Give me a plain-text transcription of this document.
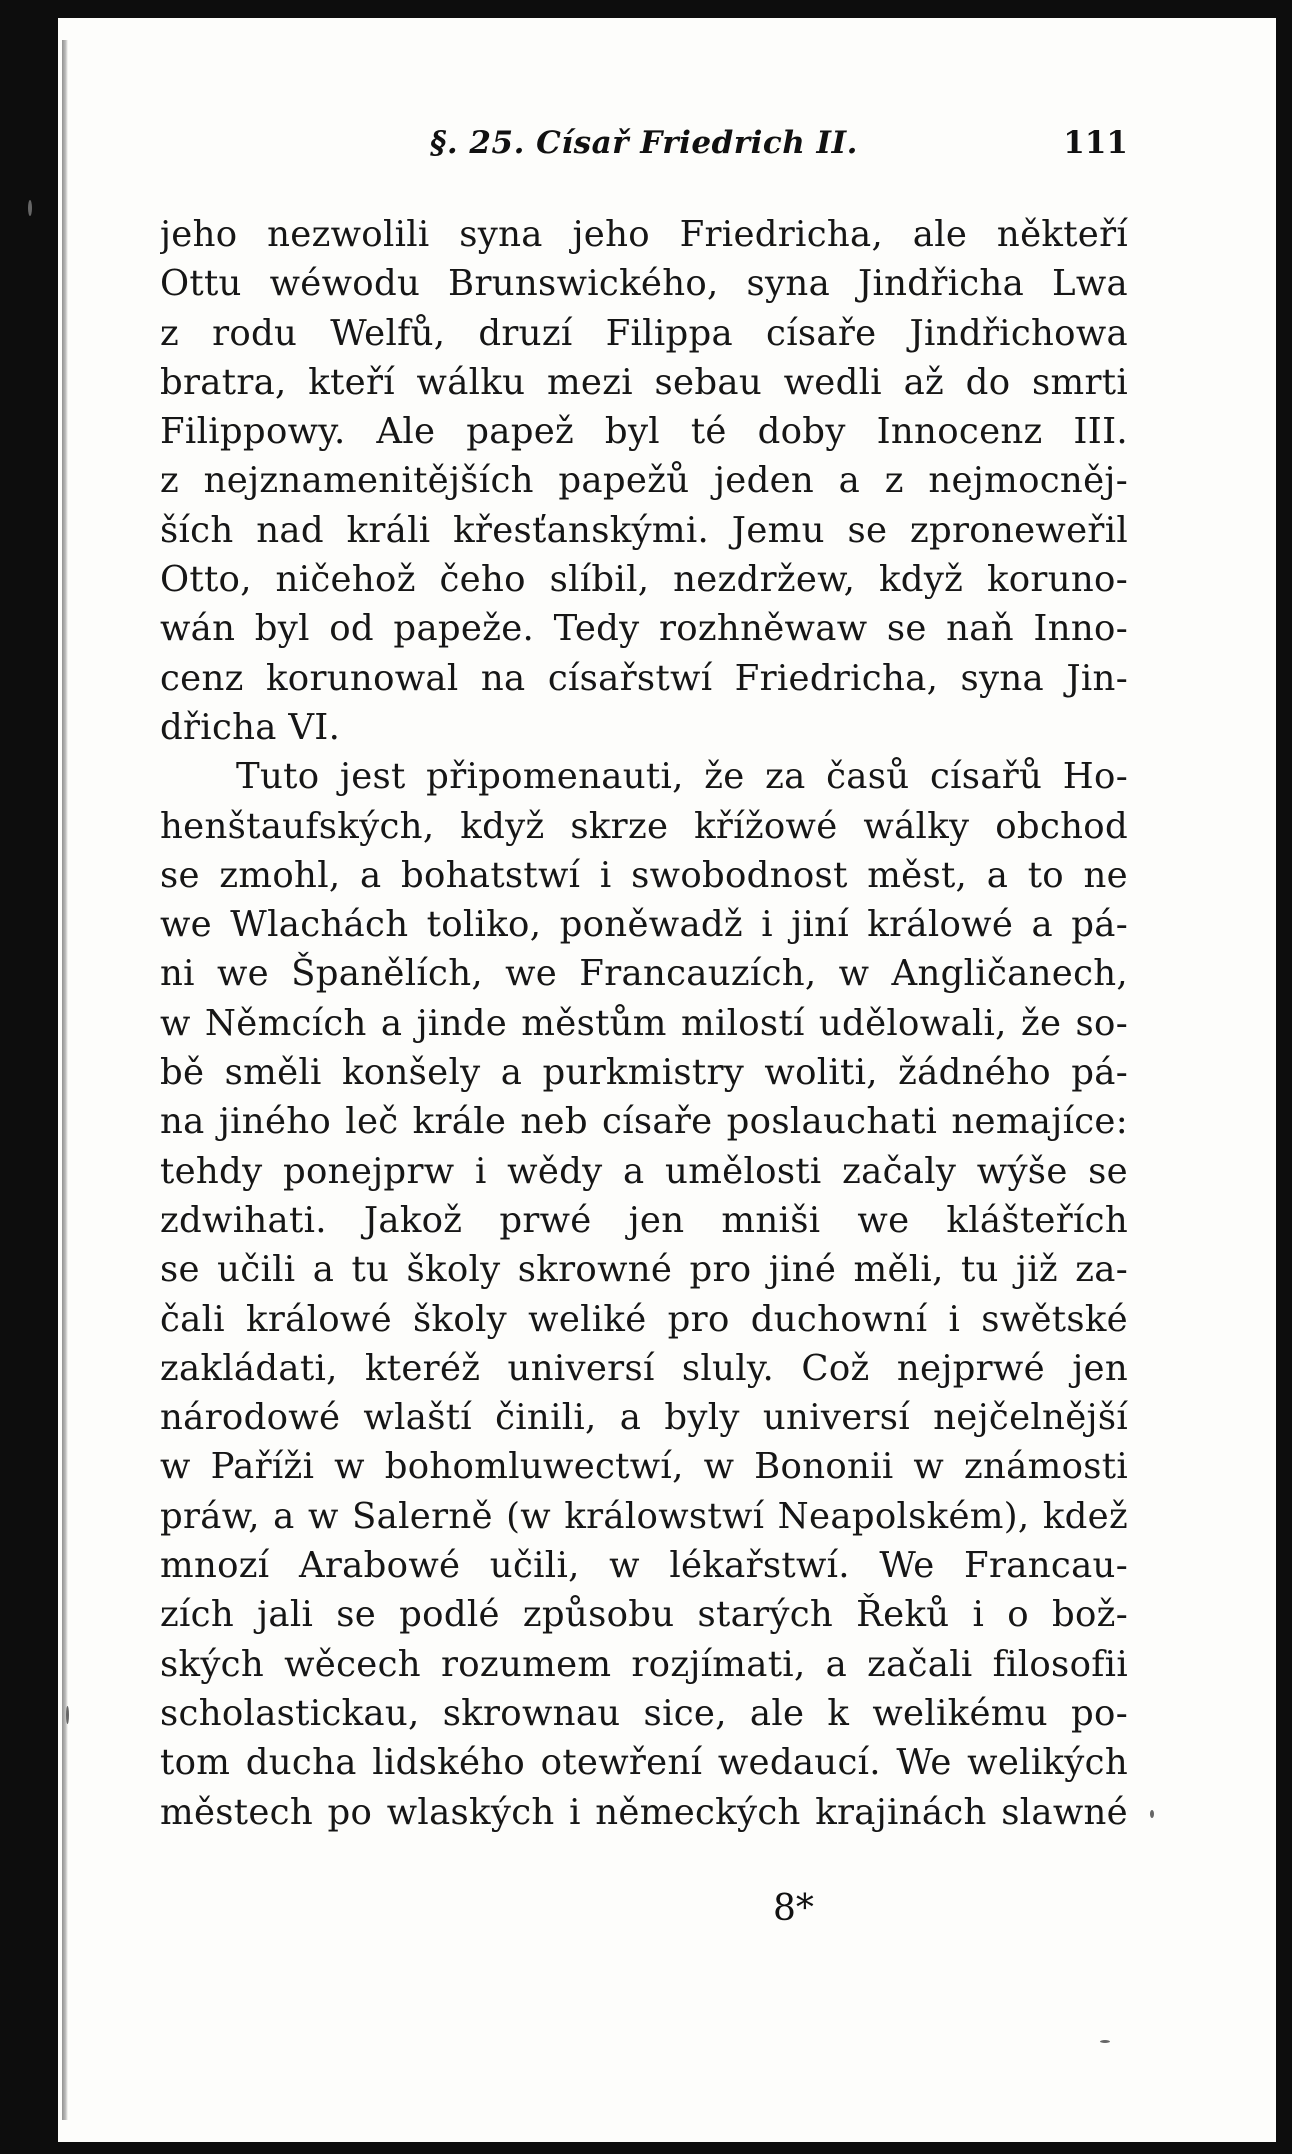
§. 25. Císař Friedrich II.	111
jeho nezwolili syna jeho Friedricha, ale někteří
Ottu wéwodu Brunswického, syna Jindřicha Lwa
z rodu Welfů, druzí Filippa císaře Jindřichowa
bratra, kteří wálku mezi sebau wedli až do smrti
Filippowy. Ale papež byl té doby Innocenz III.
z nejznamenitějších papežů jeden a z nejmocněj-
ších nad králi křesťanskými. Jemu se zproneweřil
Otto, ničehož čeho slíbil, nezdržew, když koruno-
wán byl od papeže. Tedy rozhněwaw se naň Inno-
cenz korunowal na císařstwí Friedricha, syna Jin-
dřicha VI.
Tuto jest připomenauti, že za časů císařů Ho-
henštaufských, když skrze křížowé wálky obchod
se zmohl, a bohatstwí i swobodnost měst, a to ne
we Wlachách toliko, poněwadž i jiní králowé a pá-
ni we Španělích, we Francauzích, w Angličanech,
w Němcích a jinde městům milostí udělowali, že so-
bě směli konšely a purkmistry woliti, žádného pá-
na jiného leč krále neb císaře poslauchati nemajíce:
tehdy ponejprw i wědy a umělosti začaly wýše se
zdwihati. Jakož prwé jen mniši we klášteřích
se učili a tu školy skrowné pro jiné měli, tu již za-
čali králowé školy weliké pro duchowní i swětské
zakládati, kteréž universí sluly. Což nejprwé jen
národowé wlaští činili, a byly universí nejčelnější
w Paříži w bohomluwectwí, w Bononii w známosti
práw, a w Salerně (w králowstwí Neapolském), kdež
mnozí Arabowé učili, w lékařstwí. We Francau-
zích jali se podlé způsobu starých Řeků i o bož-
ských wěcech rozumem rozjímati, a začali filosofii
scholastickau, skrownau sice, ale k welikému po-
tom ducha lidského otewření wedaucí. We welikých
městech po wlaských i německých krajinách slawné
8*
